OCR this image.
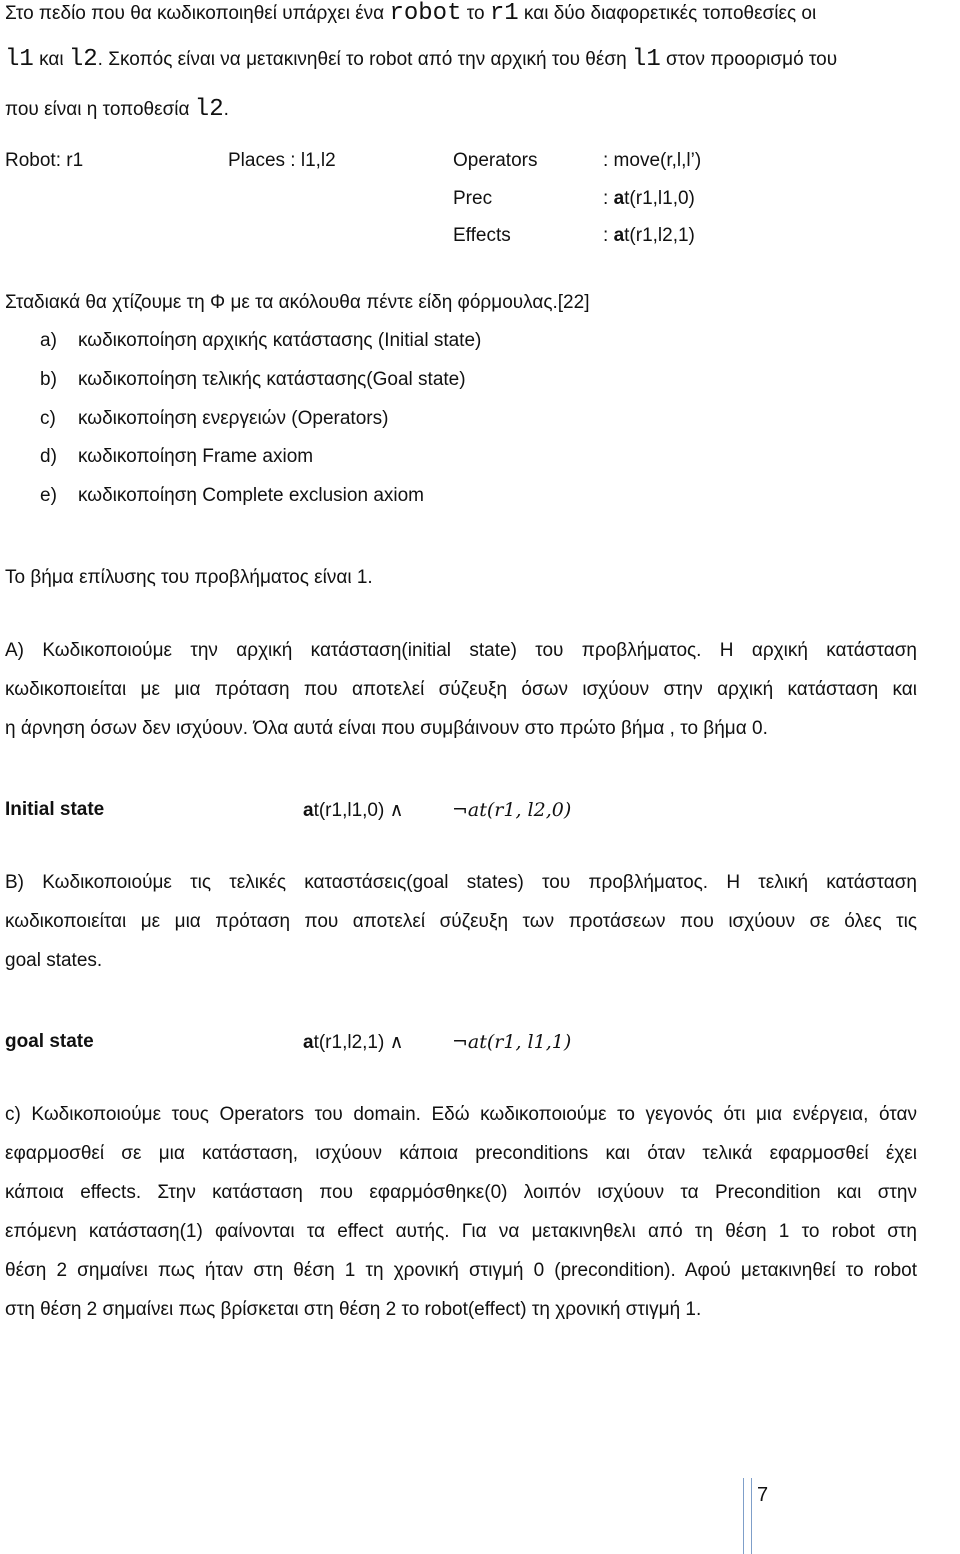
Στο πεδίο που θα κωδικοποιηθεί υπάρχει ένα robot το r1 και δύο διαφορετικές τοποθεσίες οι
l1 και l2. Σκοπός είναι να μετακινηθεί το robot από την αρχική του θέση l1 στον προορισμό του
που είναι η τοποθεσία l2.
Robot: r1	Places : l1,l2	Operators	: move(r,l,l’)
Prec	: at(r1,l1,0)
Effects	: at(r1,l2,1)
Σταδιακά θα χτίζουμε τη Φ με τα ακόλουθα πέντε είδη φόρμουλας.[22]
a) κωδικοποίηση αρχικής κατάστασης (Initial state)
b) κωδικοποίηση τελικής κατάστασης(Goal state)
c) κωδικοποίηση ενεργειών (Operators)
d) κωδικοποίηση Frame axiom
e) κωδικοποίηση Complete exclusion axiom
Το βήμα επίλυσης του προβλήματος είναι 1.
A) Κωδικοποιούμε την αρχική κατάσταση(initial state) του προβλήματος. Η αρχική κατάσταση
κωδικοποιείται με μια πρόταση που αποτελεί σύζευξη όσων ισχύουν στην αρχική κατάσταση και
η άρνηση όσων δεν ισχύουν. Όλα αυτά είναι που συμβάινουν στο πρώτο βήμα , το βήμα 0.
Initial state	at(r1,l1,0) ∧	¬at(r1, l2,0)
B) Κωδικοποιούμε τις τελικές καταστάσεις(goal states) του προβλήματος. Η τελική κατάσταση
κωδικοποιείται με μια πρόταση που αποτελεί σύζευξη των προτάσεων που ισχύουν σε όλες τις
goal states.
goal state	at(r1,l2,1) ∧	¬at(r1, l1,1)
c) Κωδικοποιούμε τους Operators του domain. Εδώ κωδικοποιούμε το γεγονός ότι μια ενέργεια, όταν
εφαρμοσθεί σε μια κατάσταση, ισχύουν κάποια preconditions και όταν τελικά εφαρμοσθεί έχει
κάποια effects. Στην κατάσταση που εφαρμόσθηκε(0) λοιπόν ισχύουν τα Precondition και στην
επόμενη κατάσταση(1) φαίνονται τα effect αυτής. Για να μετακινηθελι από τη θέση 1 το robot στη
θέση 2 σημαίνει πως ήταν στη θέση 1 τη χρονική στιγμή 0 (precondition). Αφού μετακινηθεί το robot
στη θέση 2 σημαίνει πως βρίσκεται στη θέση 2 το robot(effect) τη χρονική στιγμή 1.
7
